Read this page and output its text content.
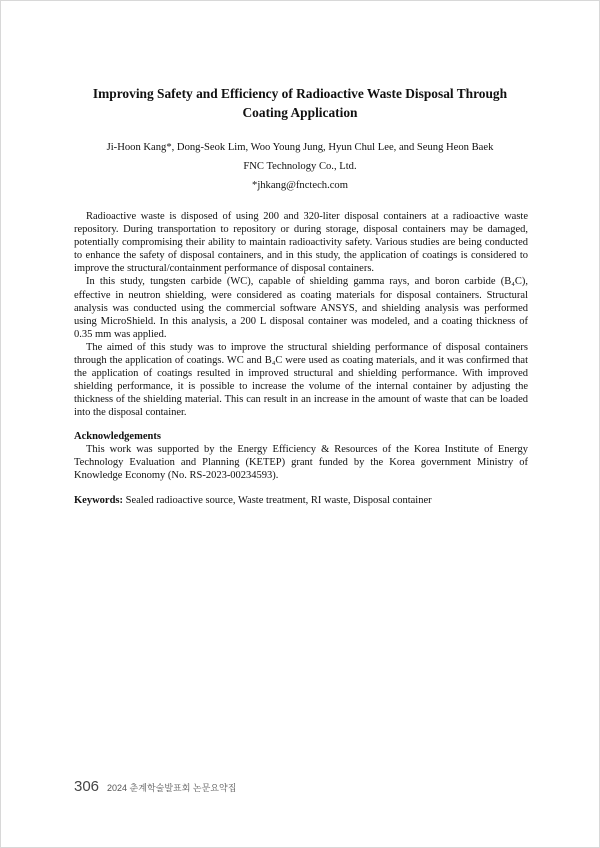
Improving Safety and Efficiency of Radioactive Waste Disposal Through Coating Application

Ji-Hoon Kang*, Dong-Seok Lim, Woo Young Jung, Hyun Chul Lee, and Seung Heon Baek

FNC Technology Co., Ltd.

*jhkang@fnctech.com

Radioactive waste is disposed of using 200 and 320-liter disposal containers at a radioactive waste repository. During transportation to repository or during storage, disposal containers may be damaged, potentially compromising their ability to maintain radioactivity safety. Various studies are being conducted to enhance the safety of disposal containers, and in this study, the application of coatings is considered to improve the structural/containment performance of disposal containers.

In this study, tungsten carbide (WC), capable of shielding gamma rays, and boron carbide (B₄C), effective in neutron shielding, were considered as coating materials for disposal containers. Structural analysis was conducted using the commercial software ANSYS, and shielding analysis was performed using MicroShield. In this analysis, a 200 L disposal container was modeled, and a coating thickness of 0.35 mm was applied.

The aimed of this study was to improve the structural shielding performance of disposal containers through the application of coatings. WC and B₄C were used as coating materials, and it was confirmed that the application of coatings resulted in improved structural and shielding performance. With improved shielding performance, it is possible to increase the volume of the internal container by adjusting the thickness of the shielding material. This can result in an increase in the amount of waste that can be loaded into the disposal container.

Acknowledgements

This work was supported by the Energy Efficiency & Resources of the Korea Institute of Energy Technology Evaluation and Planning (KETEP) grant funded by the Korea government Ministry of Knowledge Economy (No. RS-2023-00234593).

Keywords: Sealed radioactive source, Waste treatment, RI waste, Disposal container

306 2024 춘계학술발표회 논문요약집
